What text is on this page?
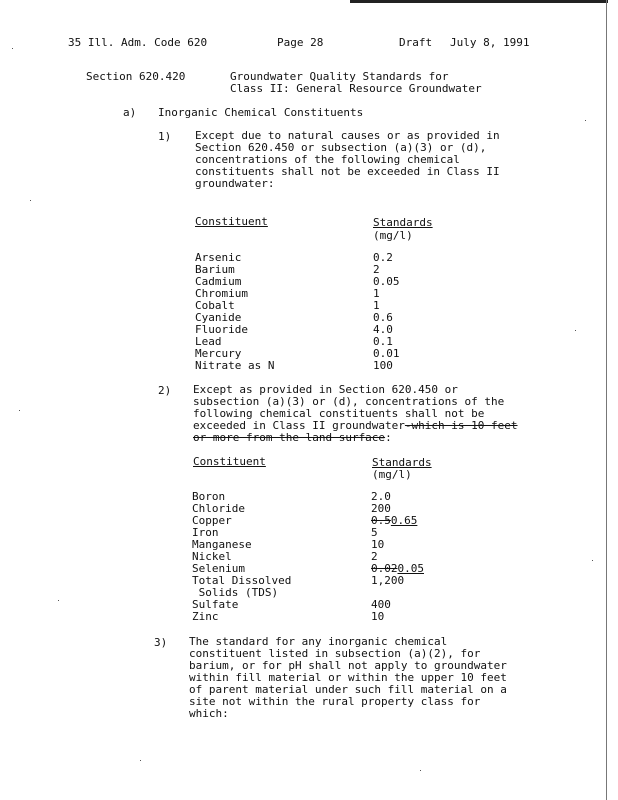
35 Ill. Adm. Code 620	Page 28	Draft July 8, 1991
Section 620.420	Groundwater Quality Standards for
Class II: General Resource Groundwater
a) Inorganic Chemical Constituents
1) Except due to natural causes or as provided in
Section 620.450 or subsection (a)(3) or (d),
concentrations of the following chemical
constituents shall not be exceeded in Class II
groundwater:
Constituent	Standards
(mg/l)
Arsenic	0.2
Barium	2
Cadmium	0.05
Chromium	1
Cobalt	1
Cyanide	0.6
Fluoride	4.0
Lead	0.1
Mercury	0.01
Nitrate as N	100
2) Except as provided in Section 620.450 or
subsection (a)(3) or (d), concentrations of the
following chemical constituents shall not be
exceeded in Class II groundwater-which is 10 feet
or more from the land surface:
Constituent	Standards
(mg/l)
Boron	2.0
Chloride	200
Copper	0.50.65
Iron	5
Manganese	10
Nickel	2
Selenium	0.020.05
Total Dissolved	1,200
Solids (TDS)
Sulfate	400
Zinc	10
3) The standard for any inorganic chemical
constituent listed in subsection (a)(2), for
barium, or for pH shall not apply to groundwater
within fill material or within the upper 10 feet
of parent material under such fill material on a
site not within the rural property class for
which:
